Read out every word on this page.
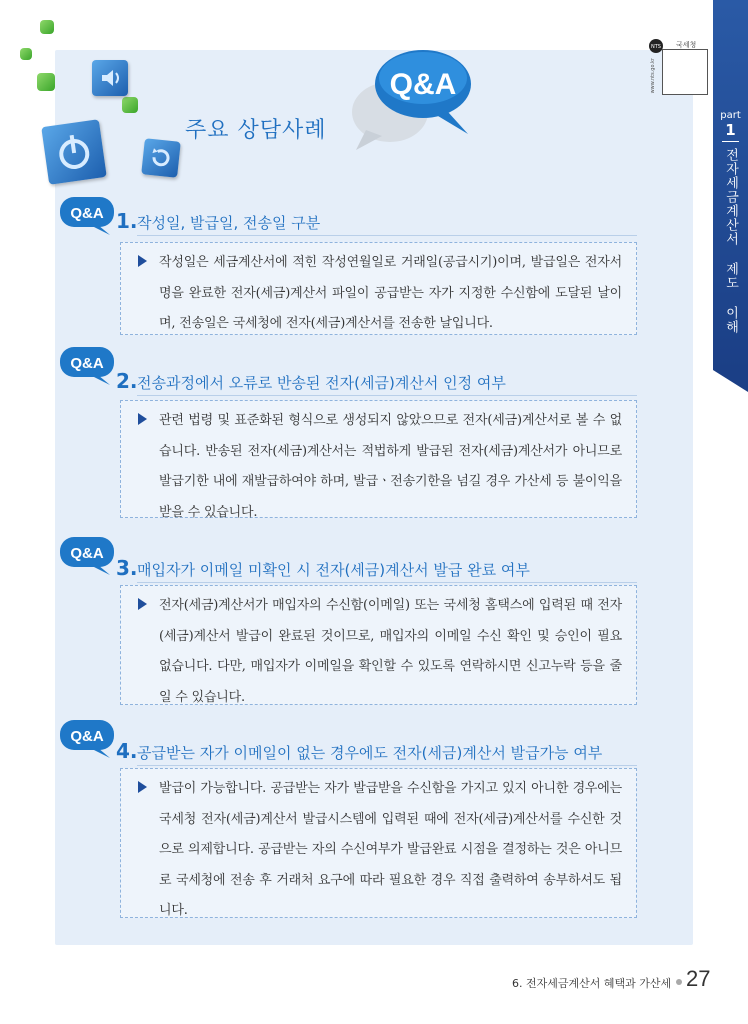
주요 상담사례
Q&A
NTS 국세청
www.nts.go.kr
part
1
전자세금계산서 제도 이해
Q&A 1. 작성일, 발급일, 전송일 구분

작성일은 세금계산서에 적힌 작성연월일로 거래일(공급시기)이며, 발급일은 전자서명을 완료한 전자(세금)계산서 파일이 공급받는 자가 지정한 수신함에 도달된 날이며, 전송일은 국세청에 전자(세금)계산서를 전송한 날입니다.

Q&A
2. 전송과정에서 오류로 반송된 전자(세금)계산서 인정 여부

관련 법령 및 표준화된 형식으로 생성되지 않았으므로 전자(세금)계산서로 볼 수 없습니다. 반송된 전자(세금)계산서는 적법하게 발급된 전자(세금)계산서가 아니므로 발급기한 내에 재발급하여야 하며, 발급ㆍ전송기한을 넘길 경우 가산세 등 불이익을 받을 수 있습니다.

Q&A
3. 매입자가 이메일 미확인 시 전자(세금)계산서 발급 완료 여부

전자(세금)계산서가 매입자의 수신함(이메일) 또는 국세청 홈택스에 입력된 때 전자(세금)계산서 발급이 완료된 것이므로, 매입자의 이메일 수신 확인 및 승인이 필요 없습니다. 다만, 매입자가 이메일을 확인할 수 있도록 연락하시면 신고누락 등을 줄일 수 있습니다.

Q&A
4. 공급받는 자가 이메일이 없는 경우에도 전자(세금)계산서 발급가능 여부

발급이 가능합니다. 공급받는 자가 발급받을 수신함을 가지고 있지 아니한 경우에는 국세청 전자(세금)계산서 발급시스템에 입력된 때에 전자(세금)계산서를 수신한 것으로 의제합니다. 공급받는 자의 수신여부가 발급완료 시점을 결정하는 것은 아니므로 국세청에 전송 후 거래처 요구에 따라 필요한 경우 직접 출력하여 송부하셔도 됩니다.

6. 전자세금계산서 혜택과 가산세 27
